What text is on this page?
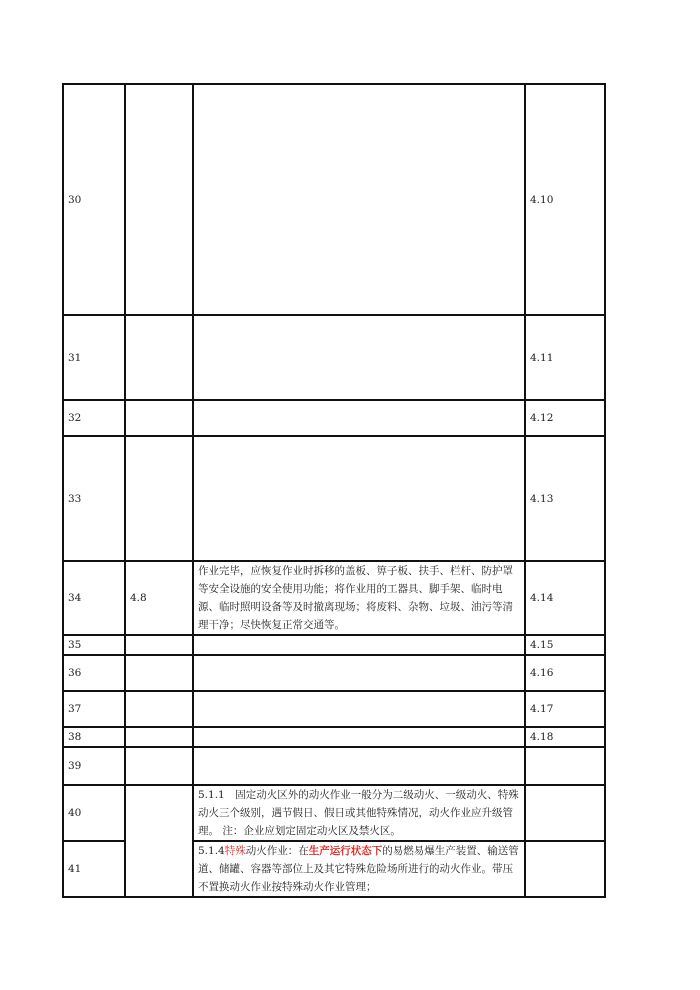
30			4.10
31			4.11
32			4.12
33			4.13
34	4.8	作业完毕，应恢复作业时拆移的盖板、箅子板、扶手、栏杆、防护罩等安全设施的安全使用功能；将作业用的工器具、脚手架、临时电源、临时照明设备等及时撤离现场；将废料、杂物、垃圾、油污等清理干净；尽快恢复正常交通等。	4.14
35			4.15
36			4.16
37			4.17
38			4.18
39			
40		5.1.1　固定动火区外的动火作业一般分为二级动火、一级动火、特殊动火三个级别，遇节假日、假日或其他特殊情况，动火作业应升级管理。 注：企业应划定固定动火区及禁火区。	
41		5.1.4特殊动火作业：在生产运行状态下的易燃易爆生产装置、输送管道、储罐、容器等部位上及其它特殊危险场所进行的动火作业。带压不置换动火作业按特殊动火作业管理；	
